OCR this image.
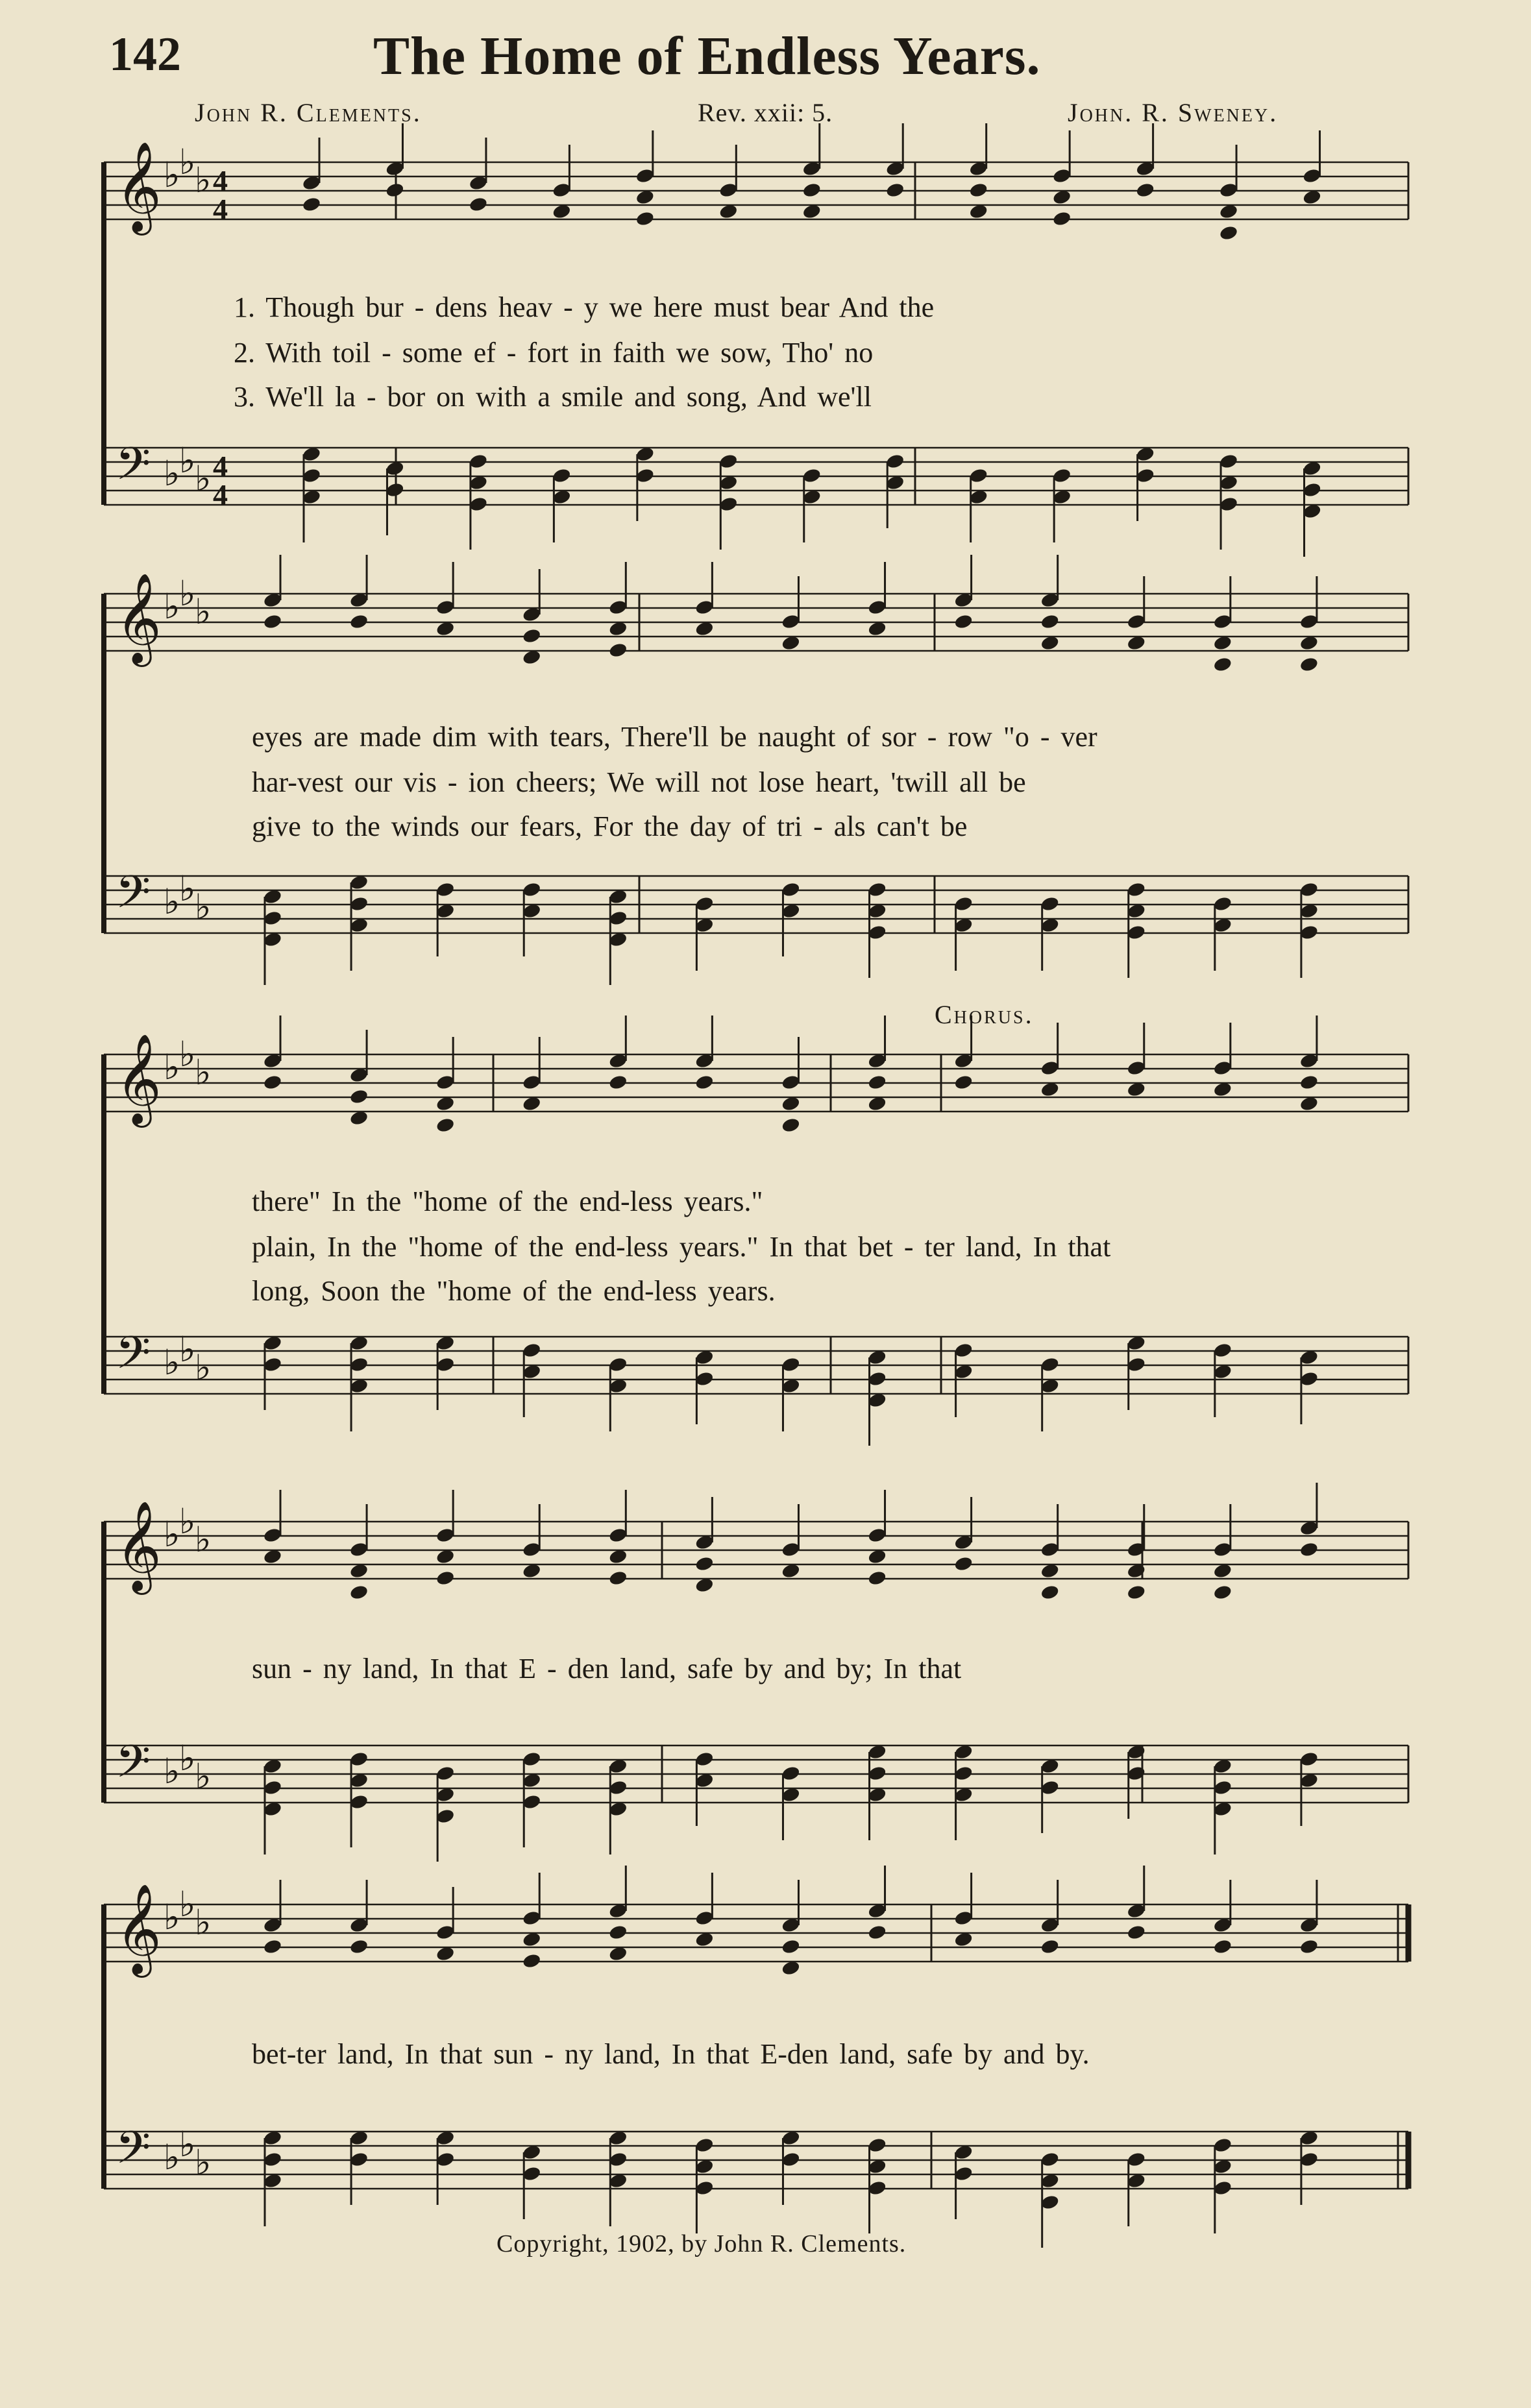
142	The Home of Endless Years.
John R. Clements.	Rev. xxii: 5.	John. R. Sweney.
𝄞 ♭
♭
♭ 4
4
𝄢 ♭
♭
♭ 4
4
𝄞 ♭
♭
♭
𝄢 ♭
♭
♭
𝄞 ♭
♭
♭
𝄢 ♭
♭
♭
𝄞 ♭
♭
♭
𝄢 ♭
♭
♭
𝄞 ♭
♭
♭
𝄢 ♭
♭
♭
1. Though bur - dens heav - y we here must bear And the
2. With toil - some ef - fort in faith we sow, Tho' no
3. We'll la - bor on with a smile and song, And we'll
eyes are made dim with tears, There'll be naught of sor - row "o - ver
har-vest our vis - ion cheers; We will not lose heart, 'twill all be
give to the winds our fears, For the day of tri - als can't be
Chorus.
there" In the "home of the end-less years."
plain, In the "home of the end-less years." In that bet - ter land, In that
long, Soon the "home of the end-less years.
sun - ny land, In that E - den land, safe by and by; In that
bet-ter land, In that sun - ny land, In that E-den land, safe by and by.
Copyright, 1902, by John R. Clements.
